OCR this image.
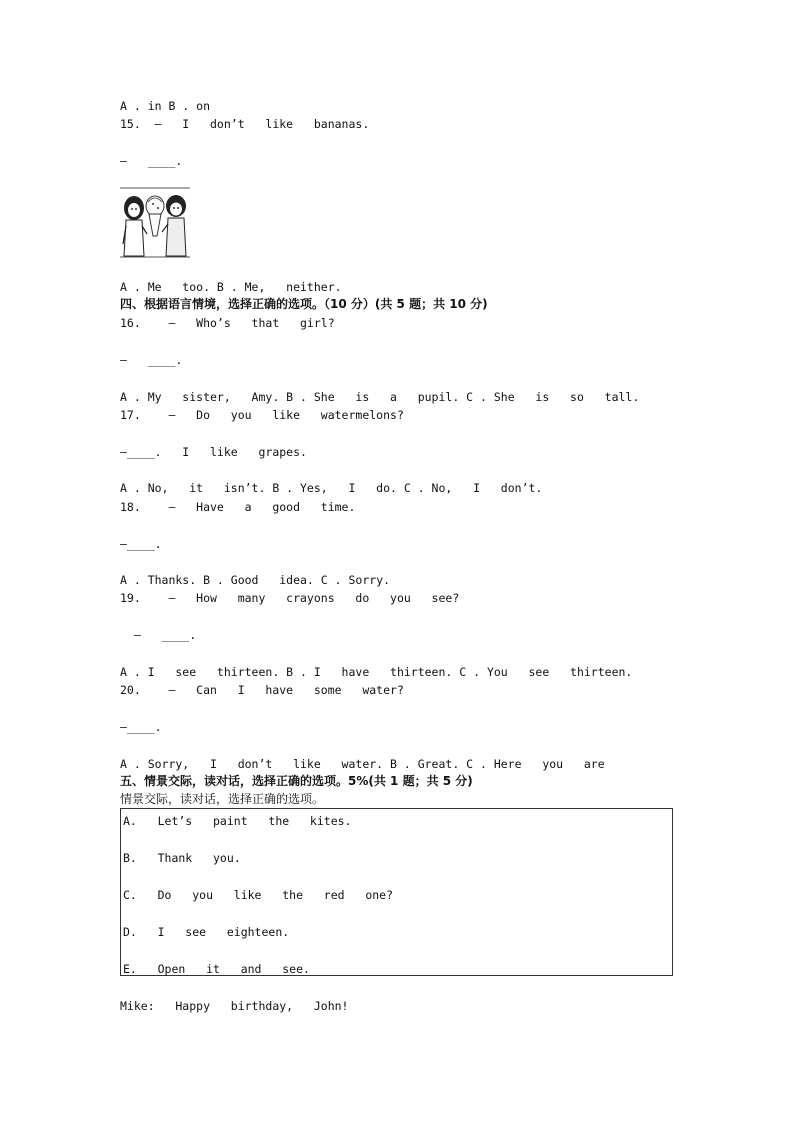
A . in B . on
15.  —   I   don’t   like   bananas.
—   ____.
A . Me   too. B . Me,   neither.
四、根据语言情境，选择正确的选项。（10 分）(共 5 题；共 10 分)
16.    —   Who’s   that   girl?
—   ____.
A . My   sister,   Amy. B . She   is   a   pupil. C . She   is   so   tall.
17.    —   Do   you   like   watermelons?
—____.   I   like   grapes.
A . No,   it   isn’t. B . Yes,   I   do. C . No,   I   don’t.
18.    —   Have   a   good   time.
—____.
A . Thanks. B . Good   idea. C . Sorry.
19.    —   How   many   crayons   do   you   see?
—   ____.
A . I   see   thirteen. B . I   have   thirteen. C . You   see   thirteen.
20.    —   Can   I   have   some   water?
—____.
A . Sorry,   I   don’t   like   water. B . Great. C . Here   you   are
五、情景交际，读对话，选择正确的选项。5%(共 1 题；共 5 分)
情景交际，读对话，选择正确的选项。
A.   Let’s   paint   the   kites.
B.   Thank   you.
C.   Do   you   like   the   red   one?
D.   I   see   eighteen.
E.   Open   it   and   see.
Mike:   Happy   birthday,   John!
